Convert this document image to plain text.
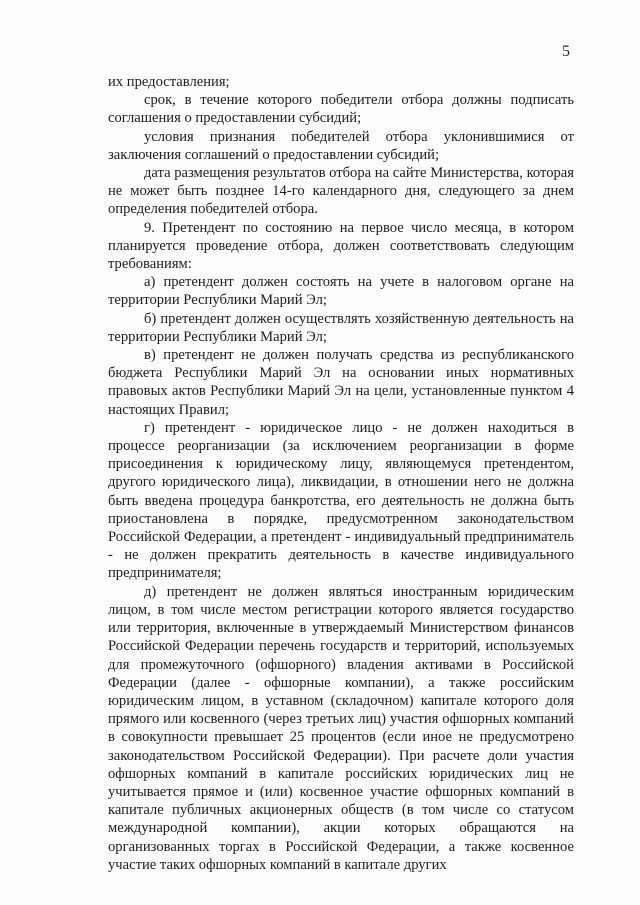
5

их предоставления;

срок, в течение которого победители отбора должны подписать соглашения о предоставлении субсидий;

условия признания победителей отбора уклонившимися от заключения соглашений о предоставлении субсидий;

дата размещения результатов отбора на сайте Министерства, которая не может быть позднее 14-го календарного дня, следующего за днем определения победителей отбора.

9. Претендент по состоянию на первое число месяца, в котором планируется проведение отбора, должен соответствовать следующим требованиям:

а) претендент должен состоять на учете в налоговом органе на территории Республики Марий Эл;

б) претендент должен осуществлять хозяйственную деятельность на территории Республики Марий Эл;

в) претендент не должен получать средства из республиканского бюджета Республики Марий Эл на основании иных нормативных правовых актов Республики Марий Эл на цели, установленные пунктом 4 настоящих Правил;

г) претендент - юридическое лицо - не должен находиться в процессе реорганизации (за исключением реорганизации в форме присоединения к юридическому лицу, являющемуся претендентом, другого юридического лица), ликвидации, в отношении него не должна быть введена процедура банкротства, его деятельность не должна быть приостановлена в порядке, предусмотренном законодательством Российской Федерации, а претендент - индивидуальный предприниматель - не должен прекратить деятельность в качестве индивидуального предпринимателя;

д) претендент не должен являться иностранным юридическим лицом, в том числе местом регистрации которого является государство или территория, включенные в утверждаемый Министерством финансов Российской Федерации перечень государств и территорий, используемых для промежуточного (офшорного) владения активами в Российской Федерации (далее - офшорные компании), а также российским юридическим лицом, в уставном (складочном) капитале которого доля прямого или косвенного (через третьих лиц) участия офшорных компаний в совокупности превышает 25 процентов (если иное не предусмотрено законодательством Российской Федерации). При расчете доли участия офшорных компаний в капитале российских юридических лиц не учитывается прямое и (или) косвенное участие офшорных компаний в капитале публичных акционерных обществ (в том числе со статусом международной компании), акции которых обращаются на организованных торгах в Российской Федерации, а также косвенное участие таких офшорных компаний в капитале других
